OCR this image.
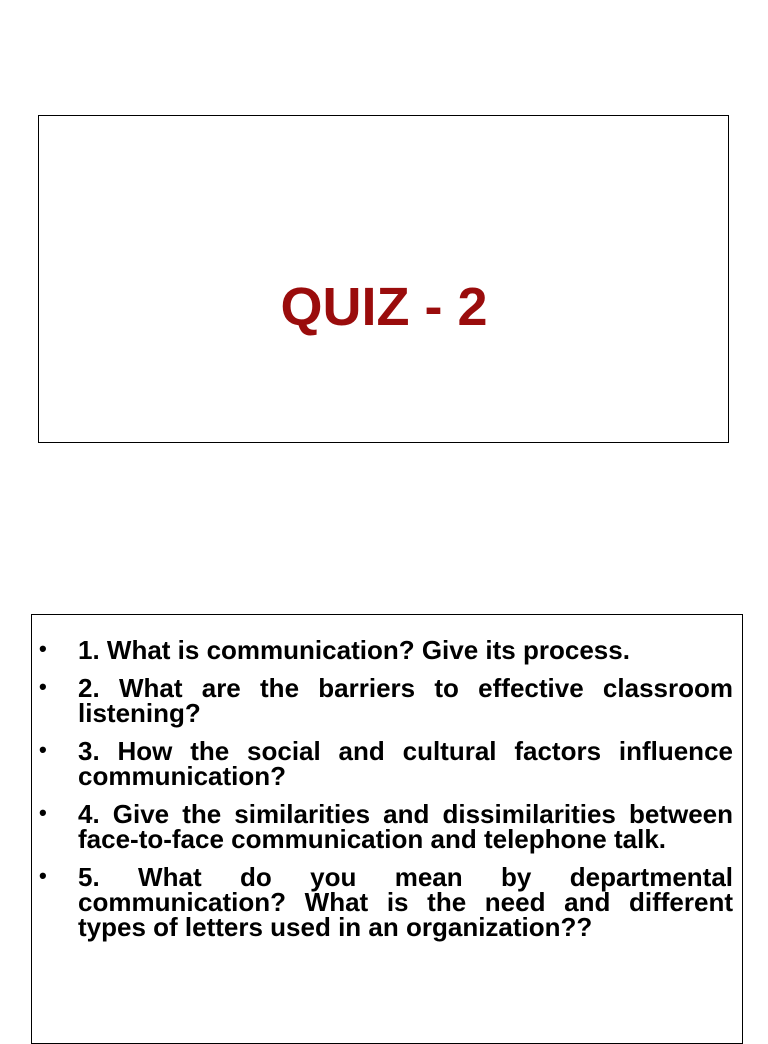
QUIZ - 2
• 1. What is communication? Give its process.
• 2. What are the barriers to effective classroom listening?
• 3. How the social and cultural factors influence communication?
• 4. Give the similarities and dissimilarities between face-to-face communication and telephone talk.
• 5. What do you mean by departmental communication? What is the need and different types of letters used in an organization??
